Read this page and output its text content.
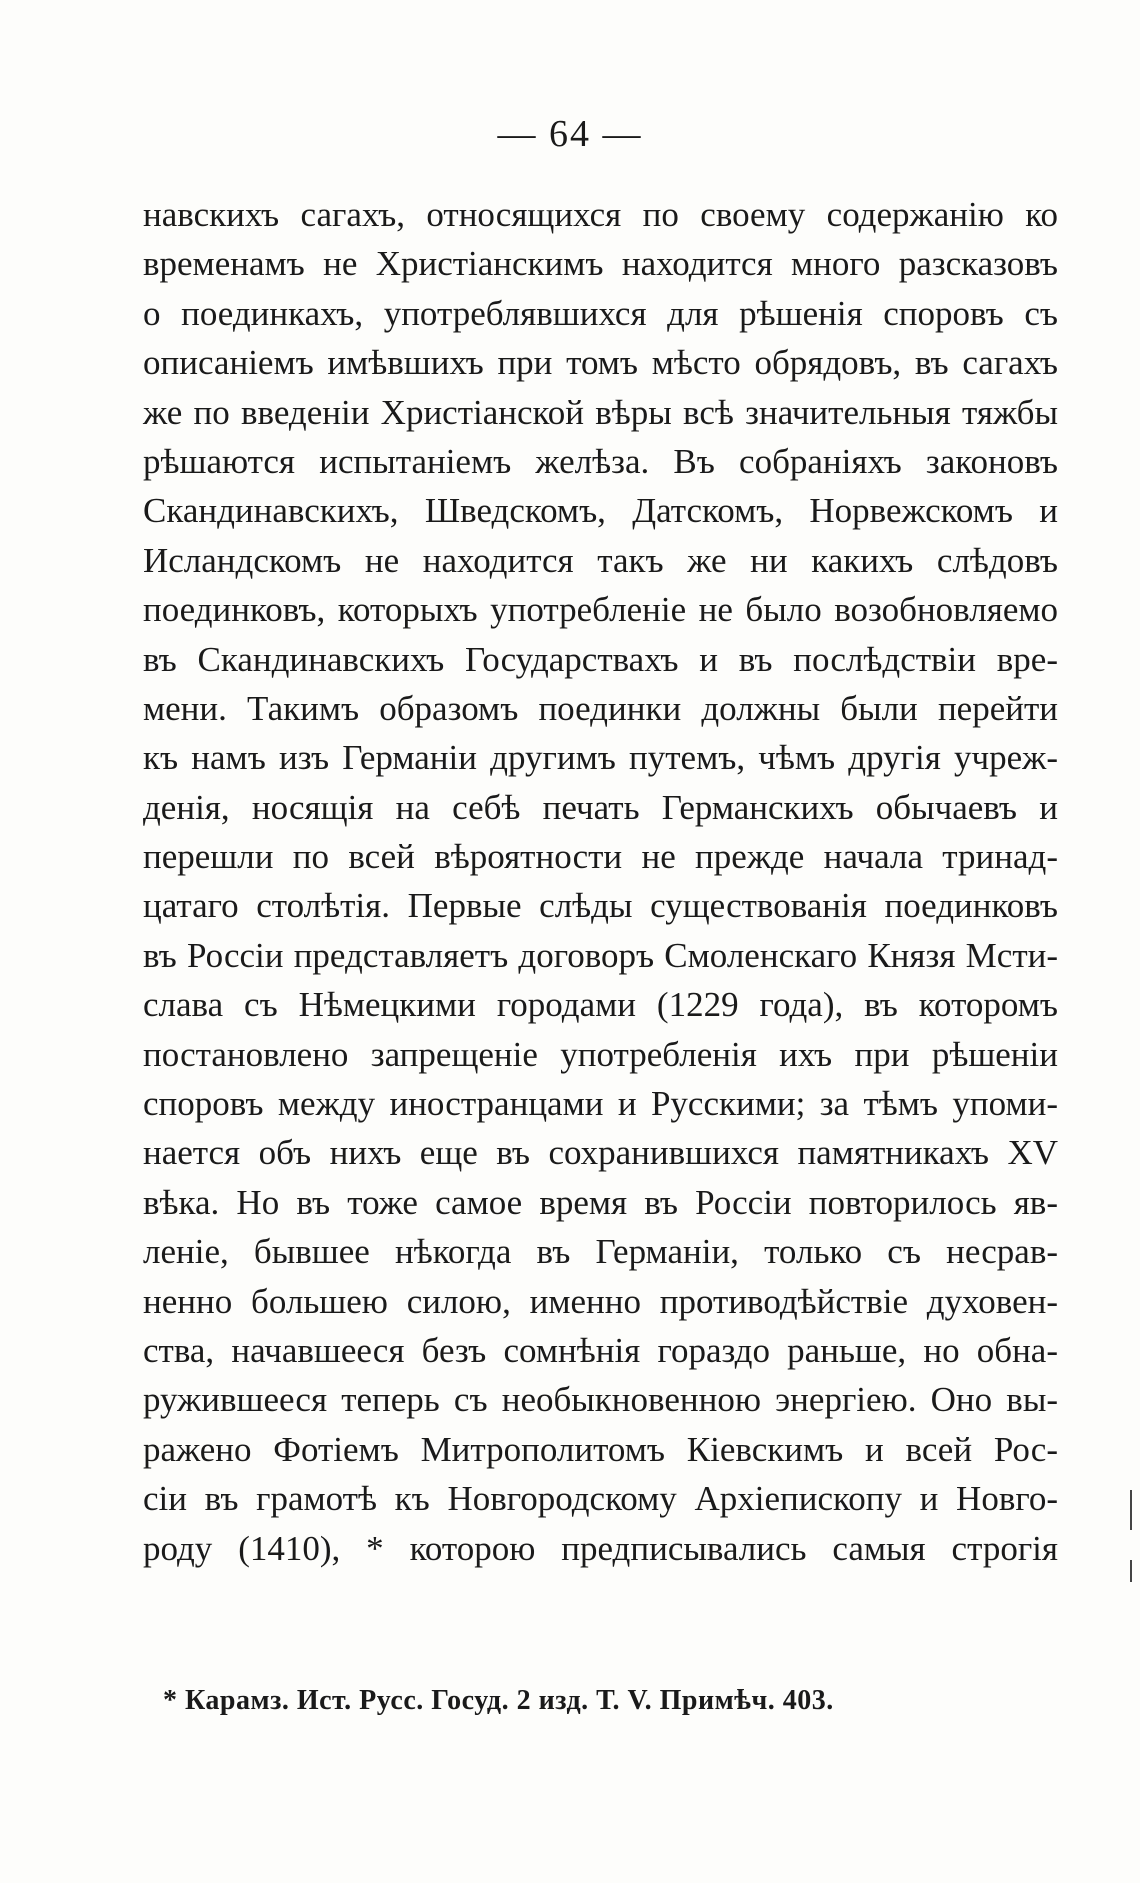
— 64 —
навскихъ сагахъ, относящихся по своему содержанію ко
временамъ не Христіанскимъ находится много разсказовъ
о поединкахъ, употреблявшихся для рѣшенія споровъ съ
описаніемъ имѣвшихъ при томъ мѣсто обрядовъ, въ сагахъ
же по введеніи Христіанской вѣры всѣ значительныя тяжбы
рѣшаются испытаніемъ желѣза. Въ собраніяхъ законовъ
Скандинавскихъ, Шведскомъ, Датскомъ, Норвежскомъ и
Исландскомъ не находится такъ же ни какихъ слѣдовъ
поединковъ, которыхъ употребленіе не было возобновляемо
въ Скандинавскихъ Государствахъ и въ послѣдствіи вре-
мени. Такимъ образомъ поединки должны были перейти
къ намъ изъ Германіи другимъ путемъ, чѣмъ другія учреж-
денія, носящія на себѣ печать Германскихъ обычаевъ и
перешли по всей вѣроятности не прежде начала тринад-
цатаго столѣтія. Первые слѣды существованія поединковъ
въ Россіи представляетъ договоръ Смоленскаго Князя Мсти-
слава съ Нѣмецкими городами (1229 года), въ которомъ
постановлено запрещеніе употребленія ихъ при рѣшеніи
споровъ между иностранцами и Русскими; за тѣмъ упоми-
нается объ нихъ еще въ сохранившихся памятникахъ XV
вѣка. Но въ тоже самое время въ Россіи повторилось яв-
леніе, бывшее нѣкогда въ Германіи, только съ несрав-
ненно большею силою, именно противодѣйствіе духовен-
ства, начавшееся безъ сомнѣнія гораздо раньше, но обна-
ружившееся теперь съ необыкновенною энергіею. Оно вы-
ражено Фотіемъ Митрополитомъ Кіевскимъ и всей Рос-
сіи въ грамотѣ къ Новгородскому Архіепископу и Новго-
роду (1410), * которою предписывались самыя строгія
* Карамз. Ист. Русс. Госуд. 2 изд. Т. V. Примѣч. 403.
